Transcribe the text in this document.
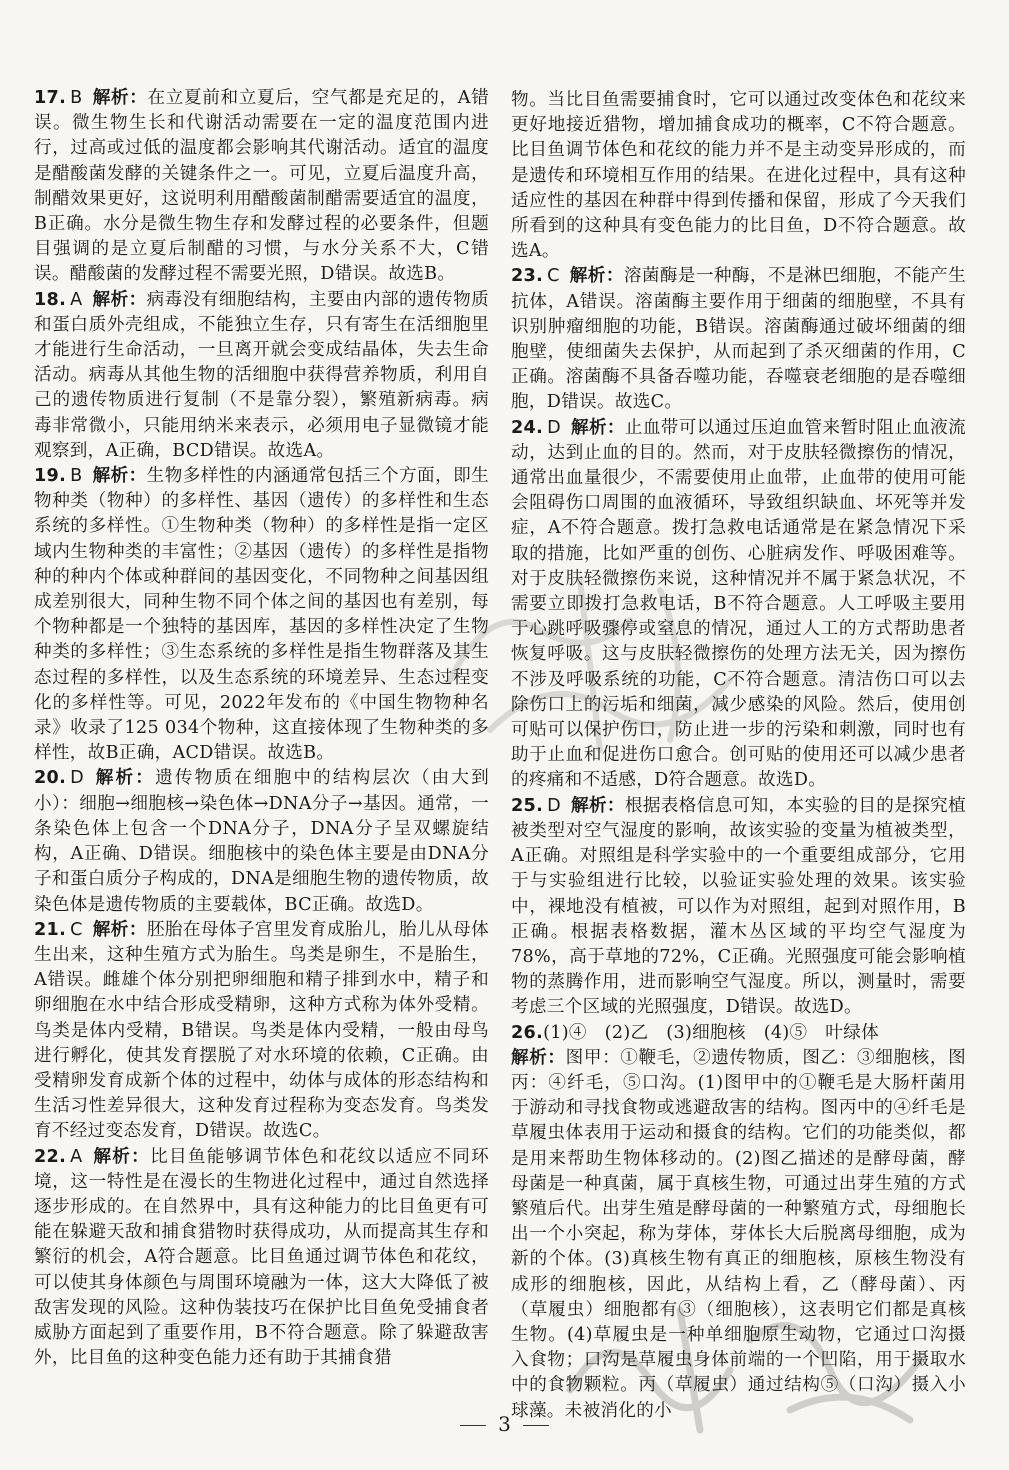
17. B 解析：在立夏前和立夏后，空气都是充足的，A错误。微生物生长和代谢活动需要在一定的温度范围内进行，过高或过低的温度都会影响其代谢活动。适宜的温度是醋酸菌发酵的关键条件之一。可见，立夏后温度升高，制醋效果更好，这说明利用醋酸菌制醋需要适宜的温度，B正确。水分是微生物生存和发酵过程的必要条件，但题目强调的是立夏后制醋的习惯，与水分关系不大，C错误。醋酸菌的发酵过程不需要光照，D错误。故选B。

18. A 解析：病毒没有细胞结构，主要由内部的遗传物质和蛋白质外壳组成，不能独立生存，只有寄生在活细胞里才能进行生命活动，一旦离开就会变成结晶体，失去生命活动。病毒从其他生物的活细胞中获得营养物质，利用自己的遗传物质进行复制（不是靠分裂），繁殖新病毒。病毒非常微小，只能用纳米来表示，必须用电子显微镜才能观察到，A正确，BCD错误。故选A。

19. B 解析：生物多样性的内涵通常包括三个方面，即生物种类（物种）的多样性、基因（遗传）的多样性和生态系统的多样性。①生物种类（物种）的多样性是指一定区域内生物种类的丰富性；②基因（遗传）的多样性是指物种的种内个体或种群间的基因变化，不同物种之间基因组成差别很大，同种生物不同个体之间的基因也有差别，每个物种都是一个独特的基因库，基因的多样性决定了生物种类的多样性；③生态系统的多样性是指生物群落及其生态过程的多样性，以及生态系统的环境差异、生态过程变化的多样性等。可见，2022年发布的《中国生物物种名录》收录了125 034个物种，这直接体现了生物种类的多样性，故B正确，ACD错误。故选B。

20. D 解析：遗传物质在细胞中的结构层次（由大到小）：细胞→细胞核→染色体→DNA分子→基因。通常，一条染色体上包含一个DNA分子，DNA分子呈双螺旋结构，A正确、D错误。细胞核中的染色体主要是由DNA分子和蛋白质分子构成的，DNA是细胞生物的遗传物质，故染色体是遗传物质的主要载体，BC正确。故选D。

21. C 解析：胚胎在母体子宫里发育成胎儿，胎儿从母体生出来，这种生殖方式为胎生。鸟类是卵生，不是胎生，A错误。雌雄个体分别把卵细胞和精子排到水中，精子和卵细胞在水中结合形成受精卵，这种方式称为体外受精。鸟类是体内受精，B错误。鸟类是体内受精，一般由母鸟进行孵化，使其发育摆脱了对水环境的依赖，C正确。由受精卵发育成新个体的过程中，幼体与成体的形态结构和生活习性差异很大，这种发育过程称为变态发育。鸟类发育不经过变态发育，D错误。故选C。

22. A 解析：比目鱼能够调节体色和花纹以适应不同环境，这一特性是在漫长的生物进化过程中，通过自然选择逐步形成的。在自然界中，具有这种能力的比目鱼更有可能在躲避天敌和捕食猎物时获得成功，从而提高其生存和繁衍的机会，A符合题意。比目鱼通过调节体色和花纹，可以使其身体颜色与周围环境融为一体，这大大降低了被敌害发现的风险。这种伪装技巧在保护比目鱼免受捕食者威胁方面起到了重要作用，B不符合题意。除了躲避敌害外，比目鱼的这种变色能力还有助于其捕食猎

物。当比目鱼需要捕食时，它可以通过改变体色和花纹来更好地接近猎物，增加捕食成功的概率，C不符合题意。比目鱼调节体色和花纹的能力并不是主动变异形成的，而是遗传和环境相互作用的结果。在进化过程中，具有这种适应性的基因在种群中得到传播和保留，形成了今天我们所看到的这种具有变色能力的比目鱼，D不符合题意。故选A。

23. C 解析：溶菌酶是一种酶，不是淋巴细胞，不能产生抗体，A错误。溶菌酶主要作用于细菌的细胞壁，不具有识别肿瘤细胞的功能，B错误。溶菌酶通过破坏细菌的细胞壁，使细菌失去保护，从而起到了杀灭细菌的作用，C正确。溶菌酶不具备吞噬功能，吞噬衰老细胞的是吞噬细胞，D错误。故选C。

24. D 解析：止血带可以通过压迫血管来暂时阻止血液流动，达到止血的目的。然而，对于皮肤轻微擦伤的情况，通常出血量很少，不需要使用止血带，止血带的使用可能会阻碍伤口周围的血液循环，导致组织缺血、坏死等并发症，A不符合题意。拨打急救电话通常是在紧急情况下采取的措施，比如严重的创伤、心脏病发作、呼吸困难等。对于皮肤轻微擦伤来说，这种情况并不属于紧急状况，不需要立即拨打急救电话，B不符合题意。人工呼吸主要用于心跳呼吸骤停或窒息的情况，通过人工的方式帮助患者恢复呼吸。这与皮肤轻微擦伤的处理方法无关，因为擦伤不涉及呼吸系统的功能，C不符合题意。清洁伤口可以去除伤口上的污垢和细菌，减少感染的风险。然后，使用创可贴可以保护伤口，防止进一步的污染和刺激，同时也有助于止血和促进伤口愈合。创可贴的使用还可以减少患者的疼痛和不适感，D符合题意。故选D。

25. D 解析：根据表格信息可知，本实验的目的是探究植被类型对空气湿度的影响，故该实验的变量为植被类型，A正确。对照组是科学实验中的一个重要组成部分，它用于与实验组进行比较，以验证实验处理的效果。该实验中，裸地没有植被，可以作为对照组，起到对照作用，B正确。根据表格数据，灌木丛区域的平均空气湿度为78%，高于草地的72%，C正确。光照强度可能会影响植物的蒸腾作用，进而影响空气湿度。所以，测量时，需要考虑三个区域的光照强度，D错误。故选D。

26.(1)④　(2)乙　(3)细胞核　(4)⑤　叶绿体
解析：图甲：①鞭毛，②遗传物质，图乙：③细胞核，图丙：④纤毛，⑤口沟。(1)图甲中的①鞭毛是大肠杆菌用于游动和寻找食物或逃避敌害的结构。图丙中的④纤毛是草履虫体表用于运动和摄食的结构。它们的功能类似，都是用来帮助生物体移动的。(2)图乙描述的是酵母菌，酵母菌是一种真菌，属于真核生物，可通过出芽生殖的方式繁殖后代。出芽生殖是酵母菌的一种繁殖方式，母细胞长出一个小突起，称为芽体，芽体长大后脱离母细胞，成为新的个体。(3)真核生物有真正的细胞核，原核生物没有成形的细胞核，因此，从结构上看，乙（酵母菌）、丙（草履虫）细胞都有③（细胞核），这表明它们都是真核生物。(4)草履虫是一种单细胞原生动物，它通过口沟摄入食物；口沟是草履虫身体前端的一个凹陷，用于摄取水中的食物颗粒。丙（草履虫）通过结构⑤（口沟）摄入小球藻。未被消化的小

3
